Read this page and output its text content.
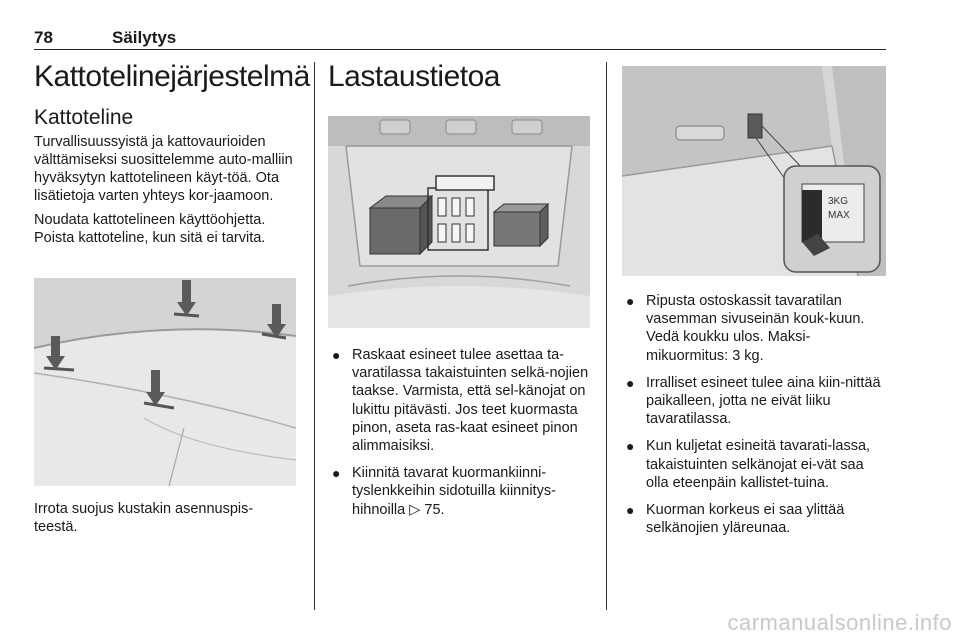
78	Säilytys
Kattotelinejärjestelmä
Kattoteline

Turvallisuussyistä ja kattovaurioiden välttämiseksi suosittelemme auto-malliin hyväksytyn kattotelineen käyt-töä. Ota lisätietoja varten yhteys kor-jaamoon.

Noudata kattotelineen käyttöohjetta. Poista kattoteline, kun sitä ei tarvita.

Irrota suojus kustakin asennuspis-teestä.

Lastaustietoa
● Raskaat esineet tulee asettaa ta-varatilassa takaistuinten selkä-nojien taakse. Varmista, että sel-känojat on lukittu pitävästi. Jos teet kuormasta pinon, aseta ras-kaat esineet pinon alimmaisiksi.
● Kiinnitä tavarat kuormankiinni-tyslenkkeihin sidotuilla kiinnitys-hihnoilla ▷ 75.
3KG
MAX
● Ripusta ostoskassit tavaratilan vasemman sivuseinän kouk-kuun. Vedä koukku ulos. Maksi-mikuormitus: 3 kg.
● Irralliset esineet tulee aina kiin-nittää paikalleen, jotta ne eivät liiku tavaratilassa.
● Kun kuljetat esineitä tavarati-lassa, takaistuinten selkänojat ei-vät saa olla eteenpäin kallistet-tuina.
● Kuorman korkeus ei saa ylittää selkänojien yläreunaa.
carmanualsonline.info
